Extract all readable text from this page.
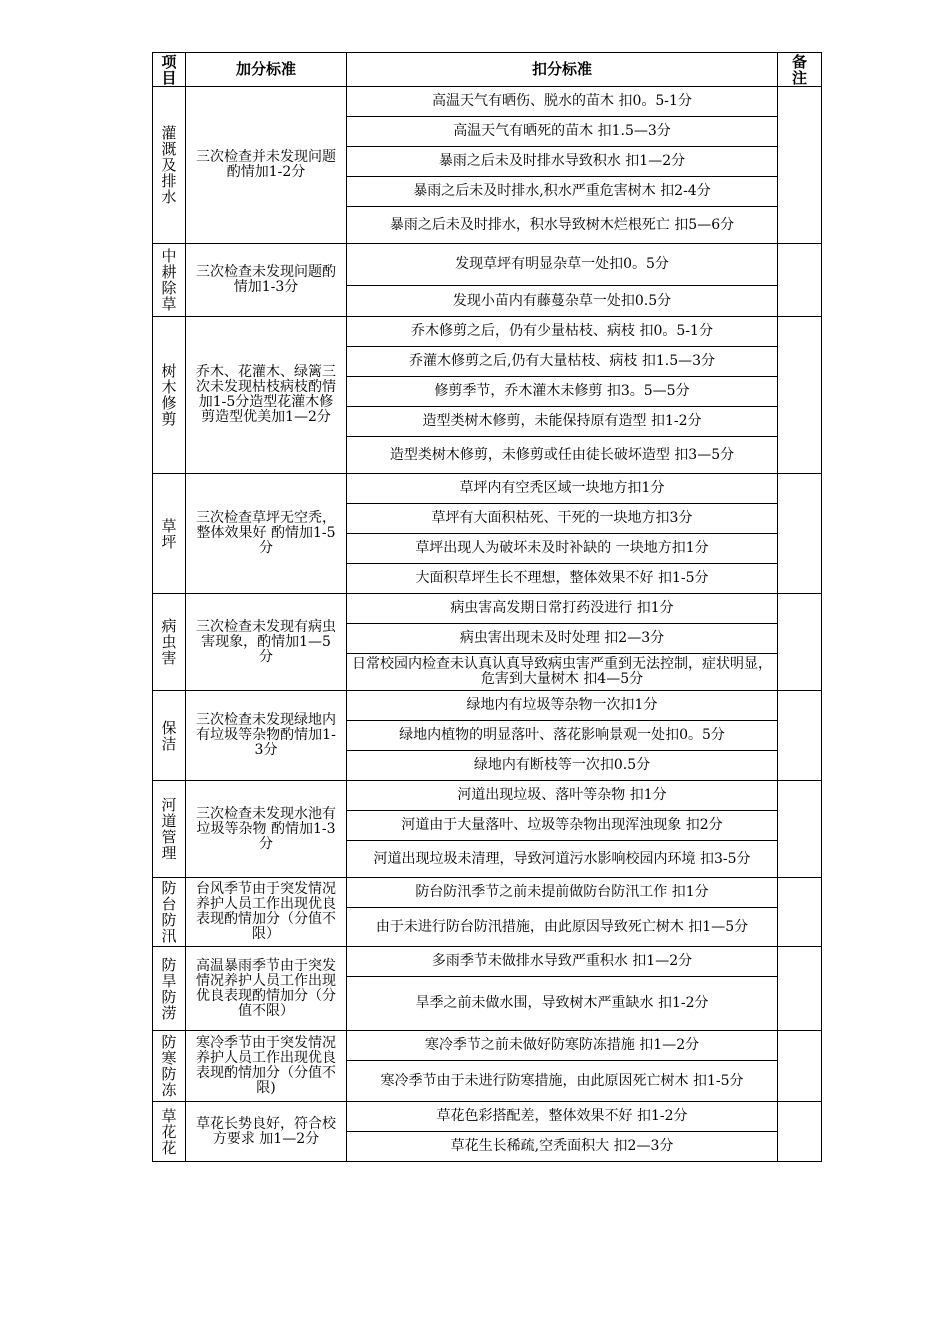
项目	加分标准	扣分标准	备注

灌溉及排水	三次检查并未发现问题酌情加1-2分	高温天气有晒伤、脱水的苗木 扣0。5-1分	
		高温天气有晒死的苗木 扣1.5—3分	
		暴雨之后未及时排水导致积水 扣1—2分	
		暴雨之后未及时排水,积水严重危害树木 扣2-4分	
		暴雨之后未及时排水，积水导致树木烂根死亡 扣5—6分	

中耕除草	三次检查未发现问题酌情加1-3分	发现草坪有明显杂草一处扣0。5分	
		发现小苗内有藤蔓杂草一处扣0.5分	

树木修剪	乔木、花灌木、绿篱三次未发现枯枝病枝酌情加1-5分造型花灌木修剪造型优美加1—2分	乔木修剪之后，仍有少量枯枝、病枝 扣0。5-1分	
		乔灌木修剪之后,仍有大量枯枝、病枝 扣1.5—3分	
		修剪季节，乔木灌木未修剪 扣3。5—5分	
		造型类树木修剪，未能保持原有造型 扣1-2分	
		造型类树木修剪，未修剪或任由徒长破坏造型 扣3—5分	

草坪	三次检查草坪无空秃，整体效果好 酌情加1-5分	草坪内有空秃区域一块地方扣1分	
		草坪有大面积枯死、干死的一块地方扣3分	
		草坪出现人为破坏未及时补缺的 一块地方扣1分	
		大面积草坪生长不理想，整体效果不好 扣1-5分	

病虫害	三次检查未发现有病虫害现象，酌情加1—5分	病虫害高发期日常打药没进行 扣1分	
		病虫害出现未及时处理 扣2—3分	
		日常校园内检查未认真认真导致病虫害严重到无法控制，症状明显，危害到大量树木 扣4—5分	

保洁	三次检查未发现绿地内有垃圾等杂物酌情加1-3分	绿地内有垃圾等杂物一次扣1分	
		绿地内植物的明显落叶、落花影响景观一处扣0。5分	
		绿地内有断枝等一次扣0.5分	

河道管理	三次检查未发现水池有垃圾等杂物 酌情加1-3分	河道出现垃圾、落叶等杂物 扣1分	
		河道由于大量落叶、垃圾等杂物出现浑浊现象 扣2分	
		河道出现垃圾未清理，导致河道污水影响校园内环境 扣3-5分	

防台防汛	台风季节由于突发情况养护人员工作出现优良表现酌情加分（分值不限）	防台防汛季节之前未提前做防台防汛工作 扣1分	
		由于未进行防台防汛措施，由此原因导致死亡树木 扣1—5分	

防旱防涝	高温暴雨季节由于突发情况养护人员工作出现优良表现酌情加分（分值不限）	多雨季节未做排水导致严重积水 扣1—2分	
		旱季之前未做水围，导致树木严重缺水 扣1-2分	

防寒防冻	寒冷季节由于突发情况养护人员工作出现优良表现酌情加分（分值不限)	寒冷季节之前未做好防寒防冻措施 扣1—2分	
		寒冷季节由于未进行防寒措施，由此原因死亡树木 扣1-5分	

草花花	草花长势良好，符合校方要求 加1—2分	草花色彩搭配差，整体效果不好 扣1-2分	
		草花生长稀疏,空秃面积大 扣2—3分	
